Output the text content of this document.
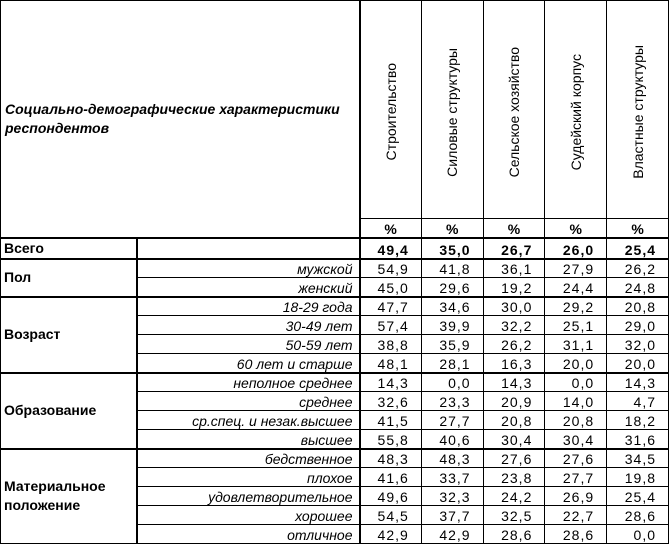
Социально-демографические характеристики респондентов		Строительство	Силовые структуры	Сельское хозяйство	Судейский корпус	Властные структуры
		%	%	%	%	%
Всего		49,4	35,0	26,7	26,0	25,4
Пол	мужской	54,9	41,8	36,1	27,9	26,2
	женский	45,0	29,6	19,2	24,4	24,8
Возраст	18-29 года	47,7	34,6	30,0	29,2	20,8
	30-49 лет	57,4	39,9	32,2	25,1	29,0
	50-59 лет	38,8	35,9	26,2	31,1	32,0
	60 лет и старше	48,1	28,1	16,3	20,0	20,0
Образование	неполное среднее	14,3	0,0	14,3	0,0	14,3
	среднее	32,6	23,3	20,9	14,0	4,7
	ср.спец. и незак.высшее	41,5	27,7	20,8	20,8	18,2
	высшее	55,8	40,6	30,4	30,4	31,6
Материальное положение	бедственное	48,3	48,3	27,6	27,6	34,5
	плохое	41,6	33,7	23,8	27,7	19,8
	удовлетворительное	49,6	32,3	24,2	26,9	25,4
	хорошее	54,5	37,7	32,5	22,7	28,6
	отличное	42,9	42,9	28,6	28,6	0,0
